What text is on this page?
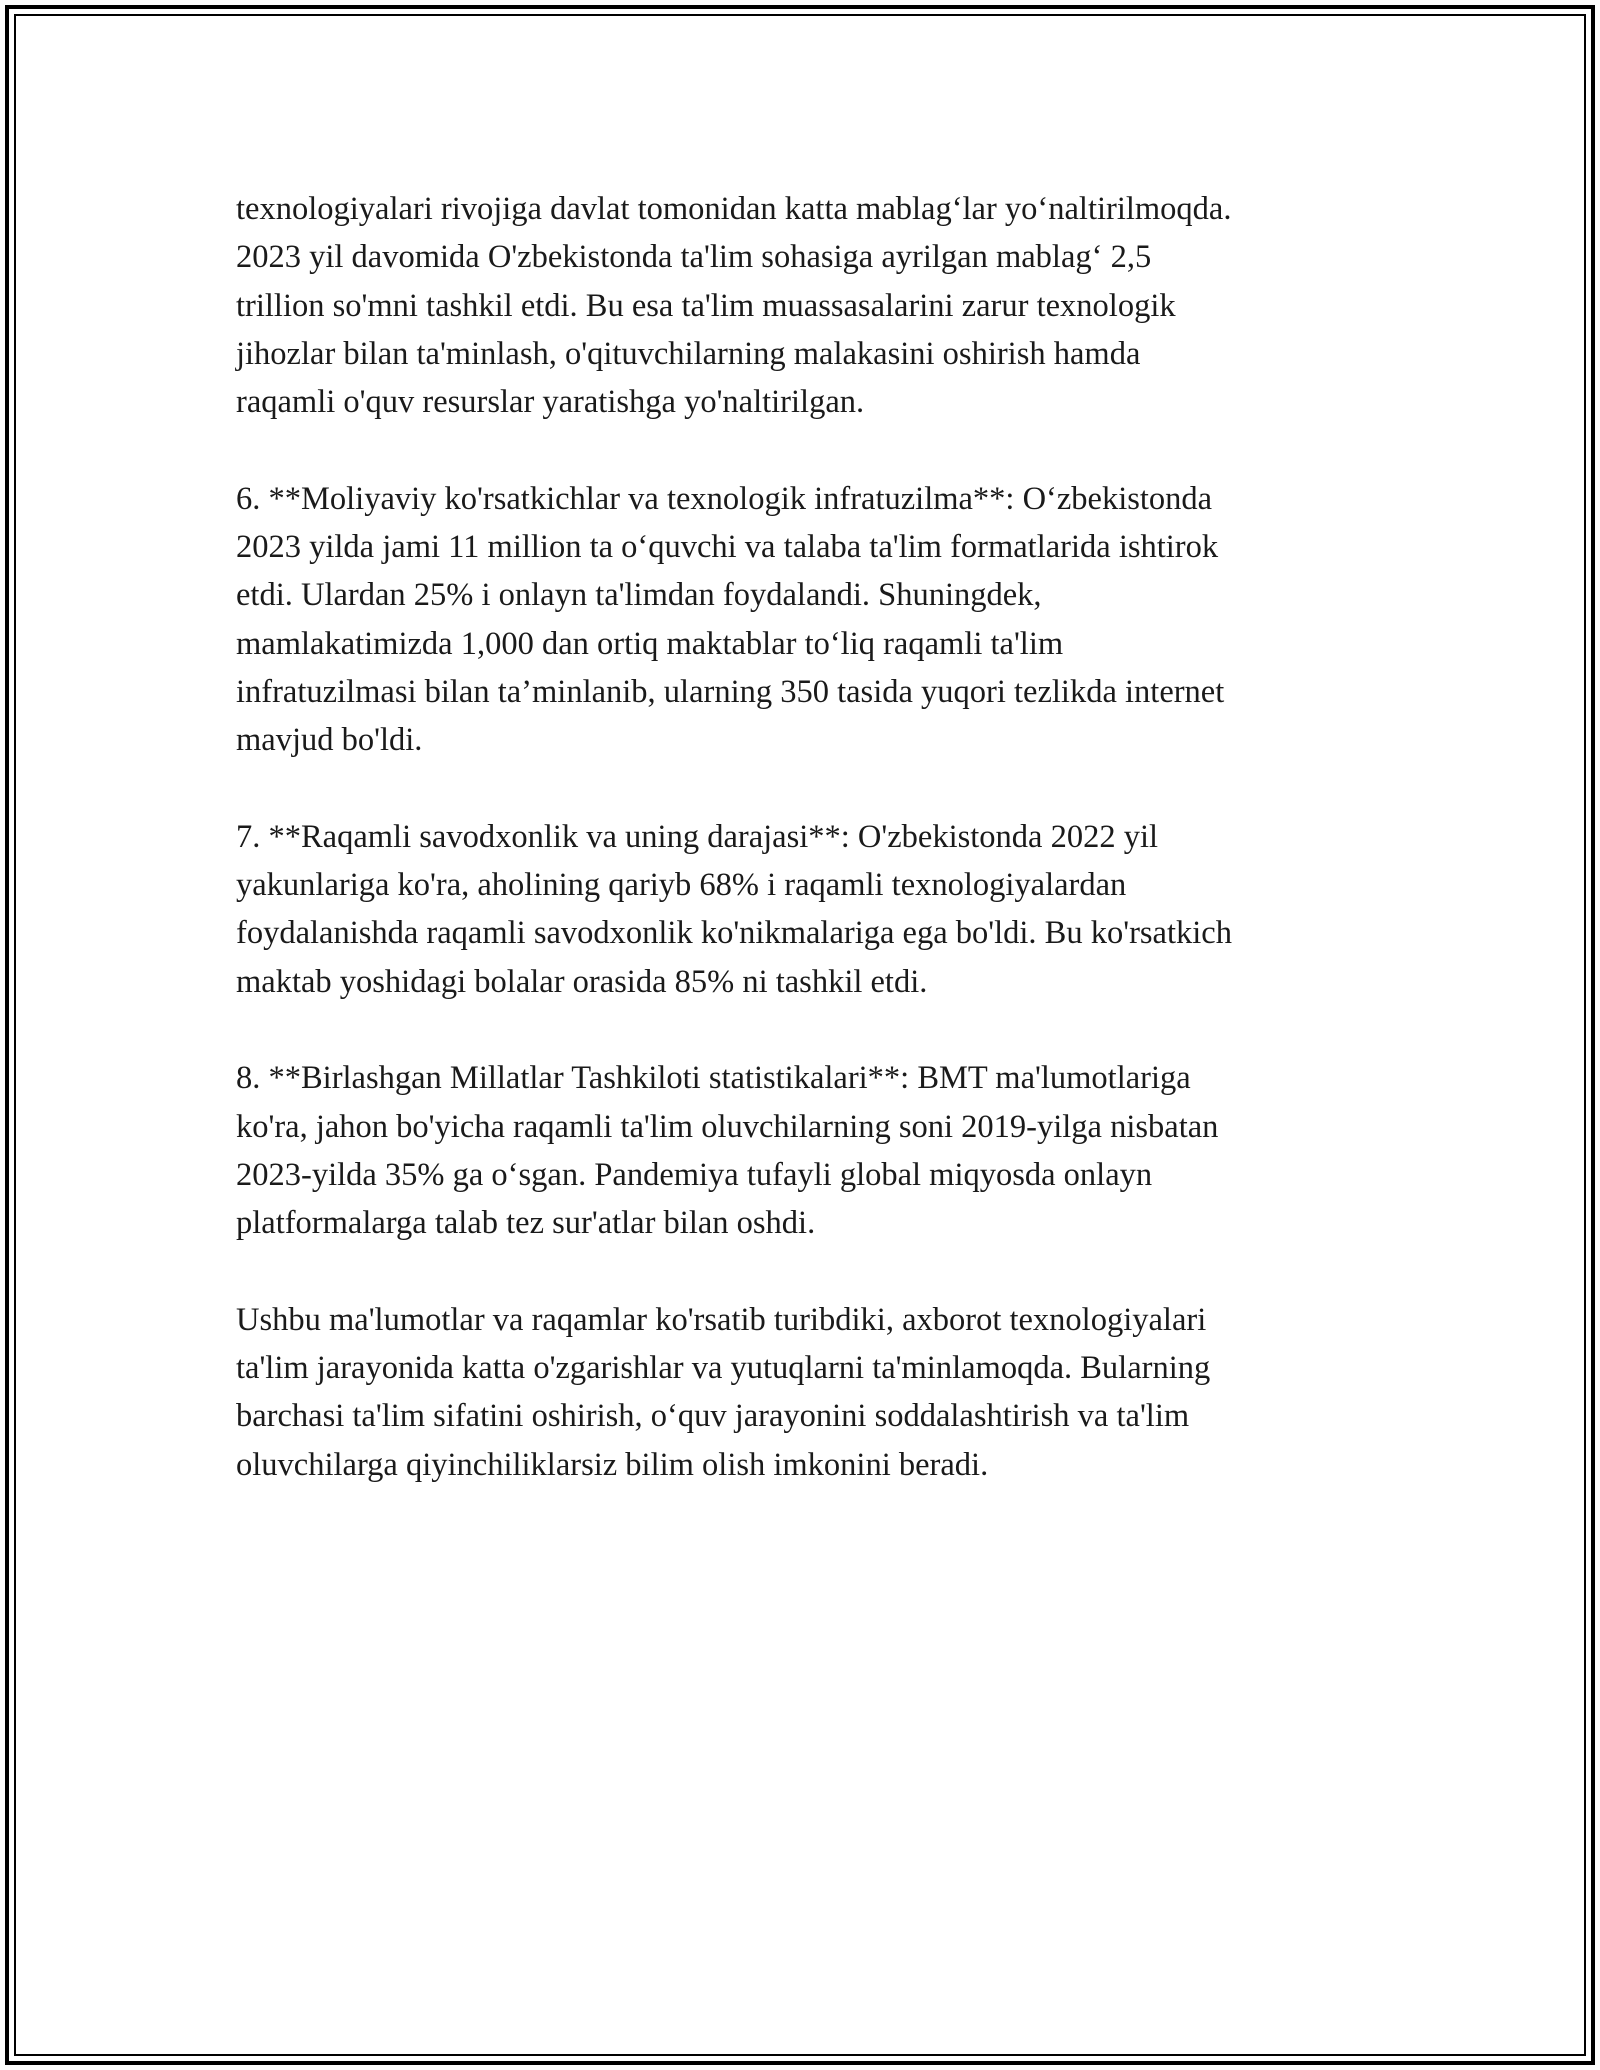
texnologiyalari rivojiga davlat tomonidan katta mablag‘lar yo‘naltirilmoqda.
2023 yil davomida O'zbekistonda ta'lim sohasiga ayrilgan mablag‘ 2,5
trillion so'mni tashkil etdi. Bu esa ta'lim muassasalarini zarur texnologik
jihozlar bilan ta'minlash, o'qituvchilarning malakasini oshirish hamda
raqamli o'quv resurslar yaratishga yo'naltirilgan.

6. **Moliyaviy ko'rsatkichlar va texnologik infratuzilma**: O‘zbekistonda
2023 yilda jami 11 million ta o‘quvchi va talaba ta'lim formatlarida ishtirok
etdi. Ulardan 25% i onlayn ta'limdan foydalandi. Shuningdek,
mamlakatimizda 1,000 dan ortiq maktablar to‘liq raqamli ta'lim
infratuzilmasi bilan ta’minlanib, ularning 350 tasida yuqori tezlikda internet
mavjud bo'ldi.

7. **Raqamli savodxonlik va uning darajasi**: O'zbekistonda 2022 yil
yakunlariga ko'ra, aholining qariyb 68% i raqamli texnologiyalardan
foydalanishda raqamli savodxonlik ko'nikmalariga ega bo'ldi. Bu ko'rsatkich
maktab yoshidagi bolalar orasida 85% ni tashkil etdi.

8. **Birlashgan Millatlar Tashkiloti statistikalari**: BMT ma'lumotlariga
ko'ra, jahon bo'yicha raqamli ta'lim oluvchilarning soni 2019-yilga nisbatan
2023-yilda 35% ga o‘sgan. Pandemiya tufayli global miqyosda onlayn
platformalarga talab tez sur'atlar bilan oshdi.

Ushbu ma'lumotlar va raqamlar ko'rsatib turibdiki, axborot texnologiyalari
ta'lim jarayonida katta o'zgarishlar va yutuqlarni ta'minlamoqda. Bularning
barchasi ta'lim sifatini oshirish, o‘quv jarayonini soddalashtirish va ta'lim
oluvchilarga qiyinchiliklarsiz bilim olish imkonini beradi.
